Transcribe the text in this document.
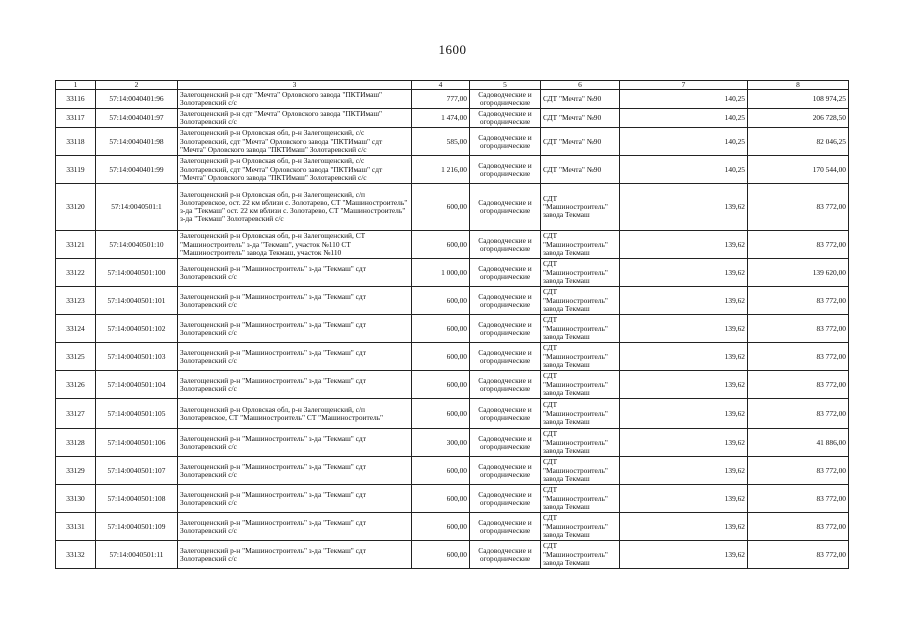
1600
1	2	3	4	5	6	7	8
33116	57:14:0040401:96	Залегощенский р-н сдт "Мечта" Орловского завода "ПКТИмаш" Золотаревский с/с	777,00	Садоводческие и огороднические	СДТ "Мечта" №90	140,25	108 974,25
33117	57:14:0040401:97	Залегощенский р-н сдт "Мечта" Орловского завода "ПКТИмаш" Золотаревский с/с	1 474,00	Садоводческие и огороднические	СДТ "Мечта" №90	140,25	206 728,50
33118	57:14:0040401:98	Залегощенский р-н Орловская обл, р-н Залегощенский, с/с Золотаревский, сдт "Мечта" Орловского завода "ПКТИмаш" сдт "Мечта" Орловского завода "ПКТИмаш" Золотаревский с/с	585,00	Садоводческие и огороднические	СДТ "Мечта" №90	140,25	82 046,25
33119	57:14:0040401:99	Залегощенский р-н Орловская обл, р-н Залегощенский, с/с Золотаревский, сдт "Мечта" Орловского завода "ПКТИмаш" сдт "Мечта" Орловского завода "ПКТИмаш" Золотаревский с/с	1 216,00	Садоводческие и огороднические	СДТ "Мечта" №90	140,25	170 544,00
33120	57:14:0040501:1	Залегощенский р-н Орловская обл, р-н Залегощенский, с/п Золотаревское, ост. 22 км вблизи с. Золотарево, СТ "Машиностроитель" з-да "Текмаш" ост. 22 км вблизи с. Золотарево, СТ "Машиностроитель" з-да "Текмаш" Золотаревский с/с	600,00	Садоводческие и огороднические	СДТ "Машиностроитель" завода Текмаш	139,62	83 772,00
33121	57:14:0040501:10	Залегощенский р-н Орловская обл, р-н Залегощенский, СТ "Машиностроитель" з-да "Текмаш", участок №110 СТ "Машиностроитель" завода Текмаш, участок №110	600,00	Садоводческие и огороднические	СДТ "Машиностроитель" завода Текмаш	139,62	83 772,00
33122	57:14:0040501:100	Залегощенский р-н "Машиностроитель" з-да "Текмаш" сдт Золотаревский с/с	1 000,00	Садоводческие и огороднические	СДТ "Машиностроитель" завода Текмаш	139,62	139 620,00
33123	57:14:0040501:101	Залегощенский р-н "Машиностроитель" з-да "Текмаш" сдт Золотаревский с/с	600,00	Садоводческие и огороднические	СДТ "Машиностроитель" завода Текмаш	139,62	83 772,00
33124	57:14:0040501:102	Залегощенский р-н "Машиностроитель" з-да "Текмаш" сдт Золотаревский с/с	600,00	Садоводческие и огороднические	СДТ "Машиностроитель" завода Текмаш	139,62	83 772,00
33125	57:14:0040501:103	Залегощенский р-н "Машиностроитель" з-да "Текмаш" сдт Золотаревский с/с	600,00	Садоводческие и огороднические	СДТ "Машиностроитель" завода Текмаш	139,62	83 772,00
33126	57:14:0040501:104	Залегощенский р-н "Машиностроитель" з-да "Текмаш" сдт Золотаревский с/с	600,00	Садоводческие и огороднические	СДТ "Машиностроитель" завода Текмаш	139,62	83 772,00
33127	57:14:0040501:105	Залегощенский р-н Орловская обл, р-н Залегощенский, с/п Золотаревское, СТ "Машиностроитель" СТ "Машиностроитель"	600,00	Садоводческие и огороднические	СДТ "Машиностроитель" завода Текмаш	139,62	83 772,00
33128	57:14:0040501:106	Залегощенский р-н "Машиностроитель" з-да "Текмаш" сдт Золотаревский с/с	300,00	Садоводческие и огороднические	СДТ "Машиностроитель" завода Текмаш	139,62	41 886,00
33129	57:14:0040501:107	Залегощенский р-н "Машиностроитель" з-да "Текмаш" сдт Золотаревский с/с	600,00	Садоводческие и огороднические	СДТ "Машиностроитель" завода Текмаш	139,62	83 772,00
33130	57:14:0040501:108	Залегощенский р-н "Машиностроитель" з-да "Текмаш" сдт Золотаревский с/с	600,00	Садоводческие и огороднические	СДТ "Машиностроитель" завода Текмаш	139,62	83 772,00
33131	57:14:0040501:109	Залегощенский р-н "Машиностроитель" з-да "Текмаш" сдт Золотаревский с/с	600,00	Садоводческие и огороднические	СДТ "Машиностроитель" завода Текмаш	139,62	83 772,00
33132	57:14:0040501:11	Залегощенский р-н "Машиностроитель" з-да "Текмаш" сдт Золотаревский с/с	600,00	Садоводческие и огороднические	СДТ "Машиностроитель" завода Текмаш	139,62	83 772,00
